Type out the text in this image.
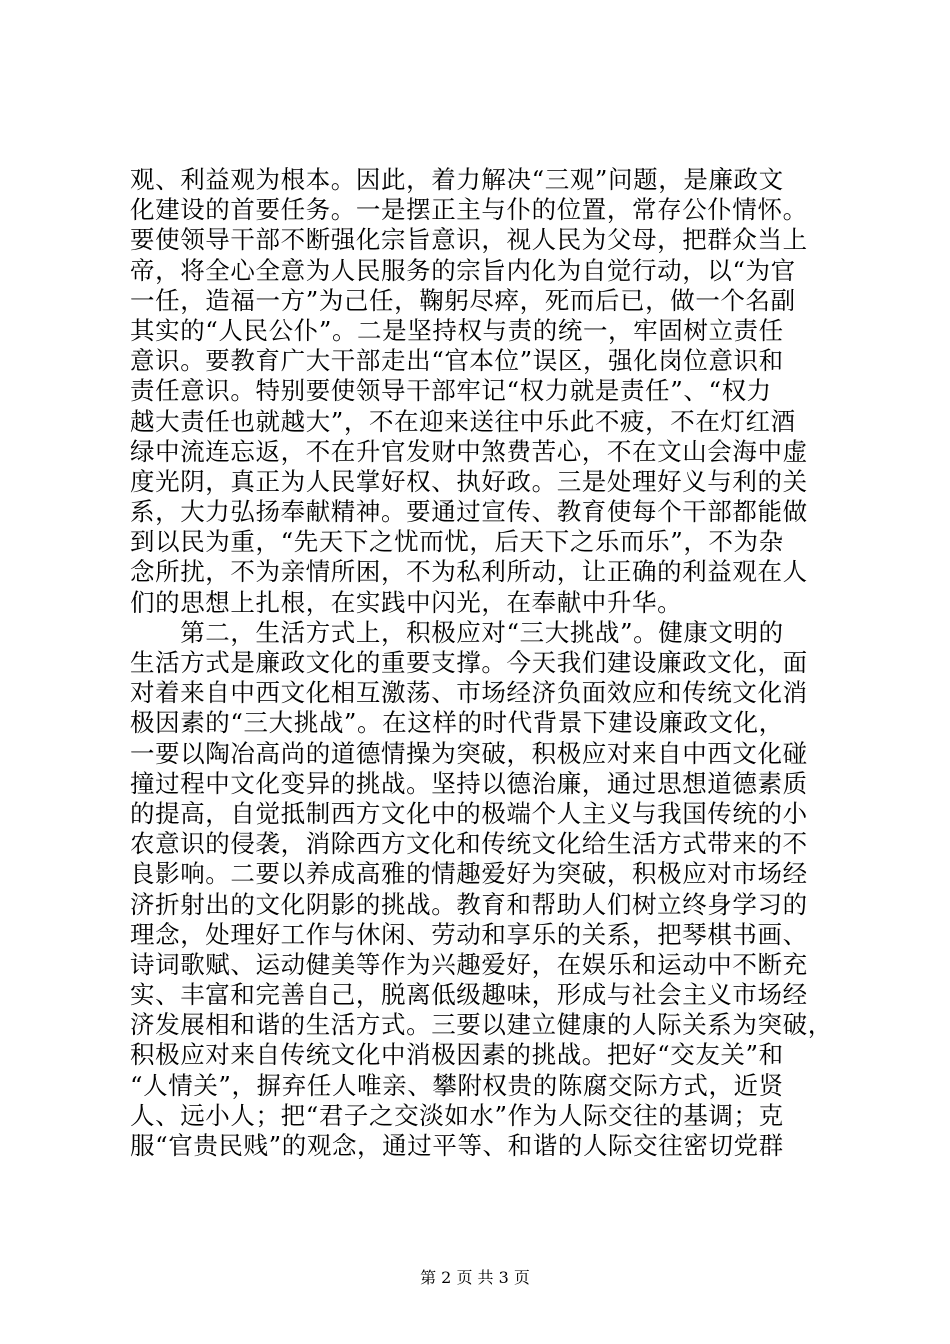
观、利益观为根本。因此，着力解决“三观”问题，是廉政文
化建设的首要任务。一是摆正主与仆的位置，常存公仆情怀。
要使领导干部不断强化宗旨意识，视人民为父母，把群众当上
帝，将全心全意为人民服务的宗旨内化为自觉行动，以“为官
一任，造福一方”为己任，鞠躬尽瘁，死而后已，做一个名副
其实的“人民公仆”。二是坚持权与责的统一，牢固树立责任
意识。要教育广大干部走出“官本位”误区，强化岗位意识和
责任意识。特别要使领导干部牢记“权力就是责任”、“权力
越大责任也就越大”，不在迎来送往中乐此不疲，不在灯红酒
绿中流连忘返，不在升官发财中煞费苦心，不在文山会海中虚
度光阴，真正为人民掌好权、执好政。三是处理好义与利的关
系，大力弘扬奉献精神。要通过宣传、教育使每个干部都能做
到以民为重，“先天下之忧而忧，后天下之乐而乐”，不为杂
念所扰，不为亲情所困，不为私利所动，让正确的利益观在人
们的思想上扎根，在实践中闪光，在奉献中升华。
　　第二，生活方式上，积极应对“三大挑战”。健康文明的
生活方式是廉政文化的重要支撑。今天我们建设廉政文化，面
对着来自中西文化相互激荡、市场经济负面效应和传统文化消
极因素的“三大挑战”。在这样的时代背景下建设廉政文化，
一要以陶冶高尚的道德情操为突破，积极应对来自中西文化碰
撞过程中文化变异的挑战。坚持以德治廉，通过思想道德素质
的提高，自觉抵制西方文化中的极端个人主义与我国传统的小
农意识的侵袭，消除西方文化和传统文化给生活方式带来的不
良影响。二要以养成高雅的情趣爱好为突破，积极应对市场经
济折射出的文化阴影的挑战。教育和帮助人们树立终身学习的
理念，处理好工作与休闲、劳动和享乐的关系，把琴棋书画、
诗词歌赋、运动健美等作为兴趣爱好，在娱乐和运动中不断充
实、丰富和完善自己，脱离低级趣味，形成与社会主义市场经
济发展相和谐的生活方式。三要以建立健康的人际关系为突破，
积极应对来自传统文化中消极因素的挑战。把好“交友关”和
“人情关”，摒弃任人唯亲、攀附权贵的陈腐交际方式，近贤
人、远小人；把“君子之交淡如水”作为人际交往的基调；克
服“官贵民贱”的观念，通过平等、和谐的人际交往密切党群
第 2 页 共 3 页
